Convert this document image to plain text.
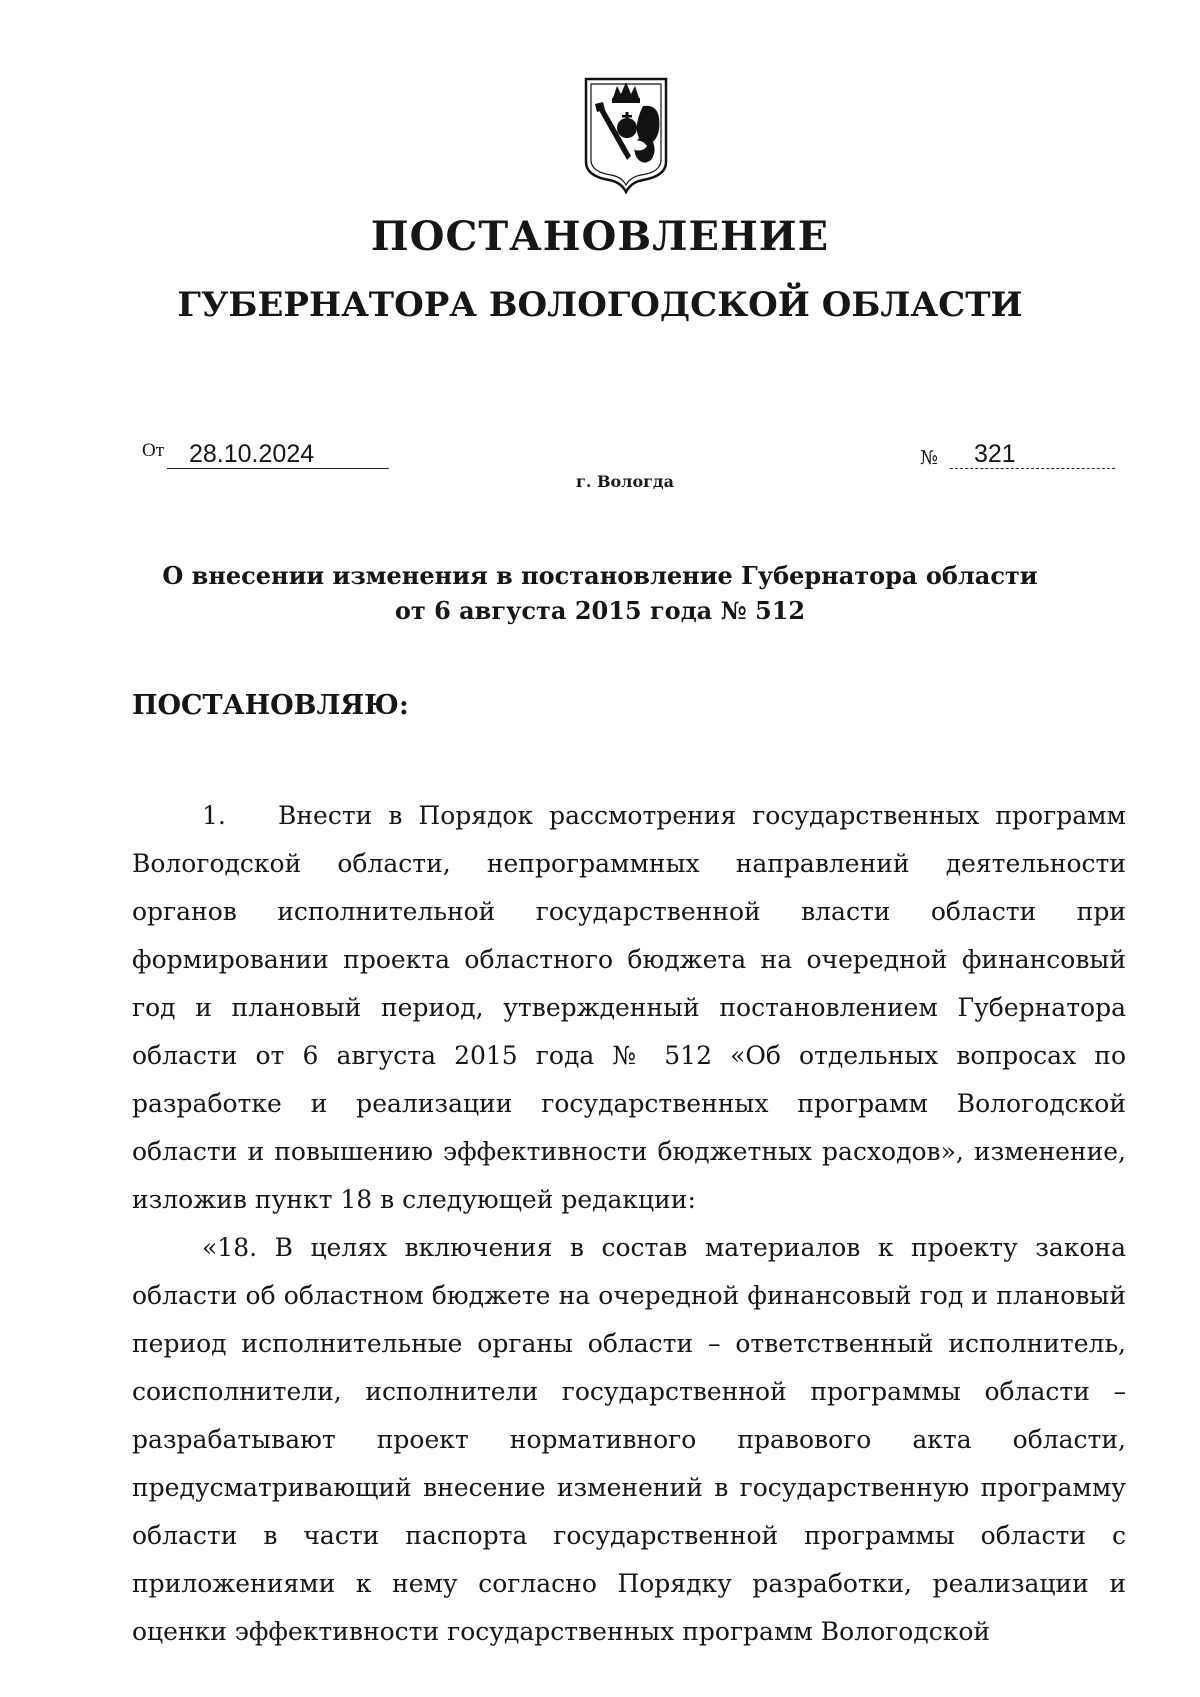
ПОСТАНОВЛЕНИЕ
ГУБЕРНАТОРА ВОЛОГОДСКОЙ ОБЛАСТИ
От 28.10.2024	№	321
г. Вологда
О внесении изменения в постановление Губернатора области
от 6 августа 2015 года № 512
ПОСТАНОВЛЯЮ:

1. Внести в Порядок рассмотрения государственных программ Вологодской области, непрограммных направлений деятельности органов исполнительной государственной власти области при формировании проекта областного бюджета на очередной финансовый год и плановый период, утвержденный постановлением Губернатора области от 6 августа 2015 года № 512 «Об отдельных вопросах по разработке и реализации государственных программ Вологодской области и повышению эффективности бюджетных расходов», изменение, изложив пункт 18 в следующей редакции:

«18. В целях включения в состав материалов к проекту закона области об областном бюджете на очередной финансовый год и плановый период исполнительные органы области – ответственный исполнитель, соисполнители, исполнители государственной программы области – разрабатывают проект нормативного правового акта области, предусматривающий внесение изменений в государственную программу области в части паспорта государственной программы области с приложениями к нему согласно Порядку разработки, реализации и оценки эффективности государственных программ Вологодской
